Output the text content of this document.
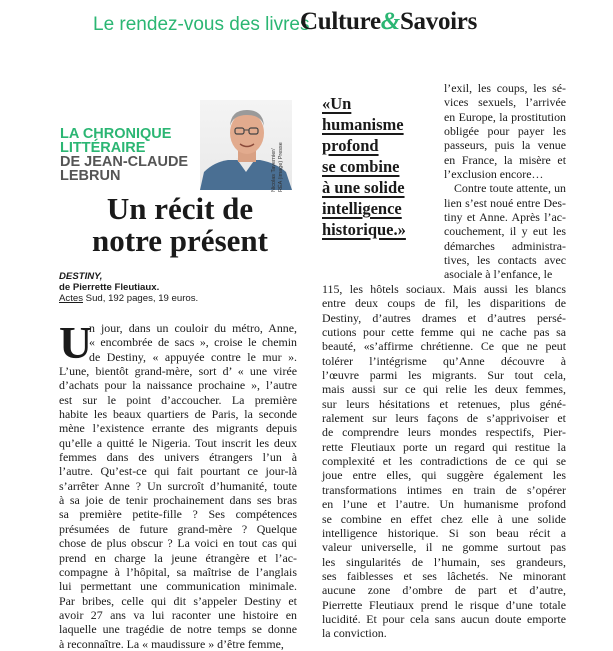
Le rendez-vous des livres
Culture&Savoirs
LA CHRONIQUE
LITTÉRAIRE
DE JEAN-CLAUDE
LEBRUN	Nicolas Tavernier/
RÉA (image) Presse
Un récit de
notre présent
DESTINY,
de Pierrette Fleutiaux.
Actes Sud, 192 pages, 19 euros.
U
n jour, dans un couloir du métro, Anne,
« encombrée de sacs », croise le chemin
de Destiny, « appuyée contre le mur ».
L’une, bientôt grand-mère, sort d’ « une virée
d’achats pour la naissance prochaine », l’autre
est sur le point d’accoucher. La première
habite les beaux quartiers de Paris, la seconde
mène l’existence errante des migrants depuis
qu’elle a quitté le Nigeria. Tout inscrit les deux
femmes dans des univers étrangers l’un à
l’autre. Qu’est-ce qui fait pourtant ce jour-là
s’arrêter Anne ? Un surcroît d’humanité, toute
à sa joie de tenir prochainement dans ses bras
sa première petite-fille ? Ses compétences
présumées de future grand-mère ? Quelque
chose de plus obscur ? La voici en tout cas qui
prend en charge la jeune étrangère et l’ac-
compagne à l’hôpital, sa maîtrise de l’anglais
lui permettant une communication minimale.
Par bribes, celle qui dit s’appeler Destiny et
avoir 27 ans va lui raconter une histoire en
laquelle une tragédie de notre temps se donne
à reconnaître. La « maudissure » d’être femme,
«Un
humanisme
profond
se combine
à une solide
intelligence
historique.»
l’exil, les coups, les sé-
vices sexuels, l’arrivée
en Europe, la prostitution
obligée pour payer les
passeurs, puis la venue
en France, la misère et
l’exclusion encore…
Contre toute attente, un
lien s’est noué entre Des-
tiny et Anne. Après l’ac-
couchement, il y eut les
démarches administra-
tives, les contacts avec
asociale à l’enfance, le
115, les hôtels sociaux. Mais aussi les blancs
entre deux coups de fil, les disparitions de
Destiny, d’autres drames et d’autres persé-
cutions pour cette femme qui ne cache pas sa
beauté, «s’affirme chrétienne. Ce que ne peut
tolérer l’intégrisme qu’Anne découvre à
l’œuvre parmi les migrants. Sur tout cela,
mais aussi sur ce qui relie les deux femmes,
sur leurs hésitations et retenues, plus géné-
ralement sur leurs façons de s’apprivoiser et
de comprendre leurs mondes respectifs, Pier-
rette Fleutiaux porte un regard qui restitue la
complexité et les contradictions de ce qui se
joue entre elles, qui suggère également les
transformations intimes en train de s’opérer
en l’une et l’autre. Un humanisme profond
se combine en effet chez elle à une solide
intelligence historique. Si son beau récit a
valeur universelle, il ne gomme surtout pas
les singularités de l’humain, ses grandeurs,
ses faiblesses et ses lâchetés. Ne minorant
aucune zone d’ombre de part et d’autre,
Pierrette Fleutiaux prend le risque d’une totale
lucidité. Et pour cela sans aucun doute emporte
la conviction.
